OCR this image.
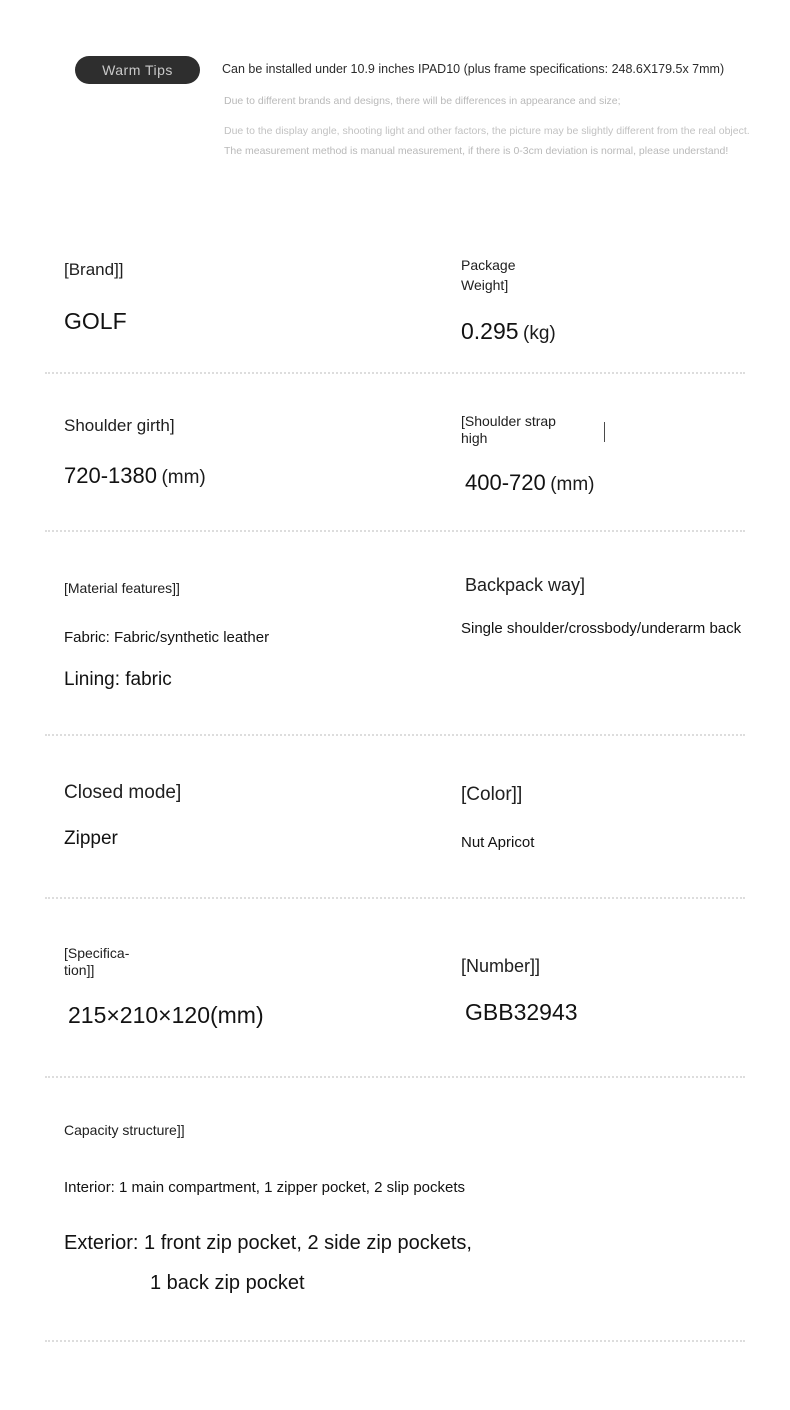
Warm Tips	Can be installed under 10.9 inches IPAD10 (plus frame specifications: 248.6X179.5x 7mm)
Due to different brands and designs, there will be differences in appearance and size;
Due to the display angle, shooting light and other factors, the picture may be slightly different from the real object.
The measurement method is manual measurement, if there is 0-3cm deviation is normal, please understand!
[Brand]]
GOLF
Package Weight]
0.295 (kg)
Shoulder girth]
720-1380 (mm)
[Shoulder strap high
400-720 (mm)
[Material features]]
Fabric: Fabric/synthetic leather
Lining: fabric
Backpack way]
Single shoulder/crossbody/underarm back
Closed mode]
Zipper
[Color]]
Nut Apricot
[Specifica-tion]]
215×210×120(mm)
[Number]]
GBB32943
Capacity structure]]
Interior: 1 main compartment, 1 zipper pocket, 2 slip pockets
Exterior: 1 front zip pocket, 2 side zip pockets,
1 back zip pocket
